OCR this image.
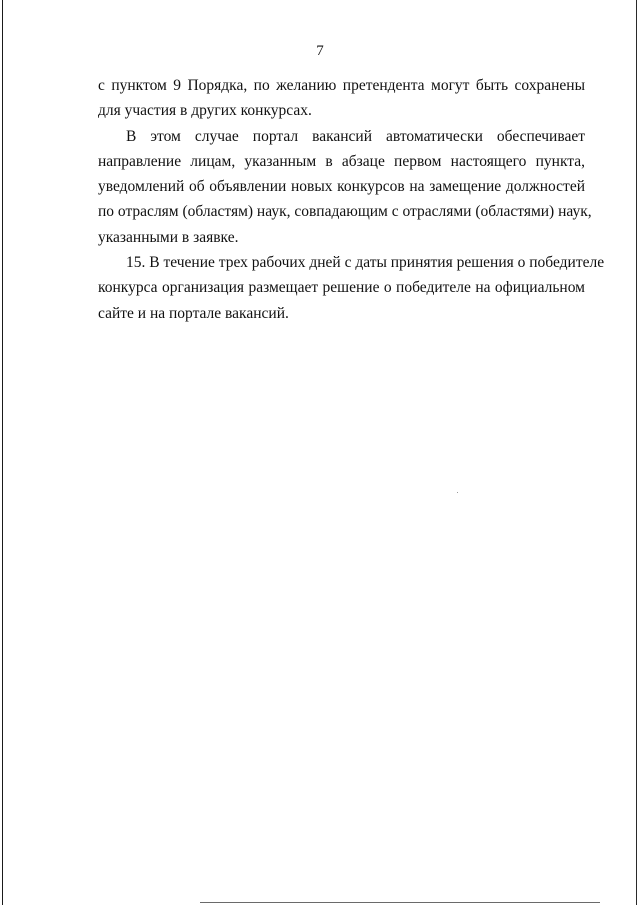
7

с пунктом 9 Порядка, по желанию претендента могут быть сохранены
для участия в других конкурсах.

В этом случае портал вакансий автоматически обеспечивает
направление лицам, указанным в абзаце первом настоящего пункта,
уведомлений об объявлении новых конкурсов на замещение должностей
по отраслям (областям) наук, совпадающим с отраслями (областями) наук,
указанными в заявке.

15. В течение трех рабочих дней с даты принятия решения о победителе
конкурса организация размещает решение о победителе на официальном
сайте и на портале вакансий.
